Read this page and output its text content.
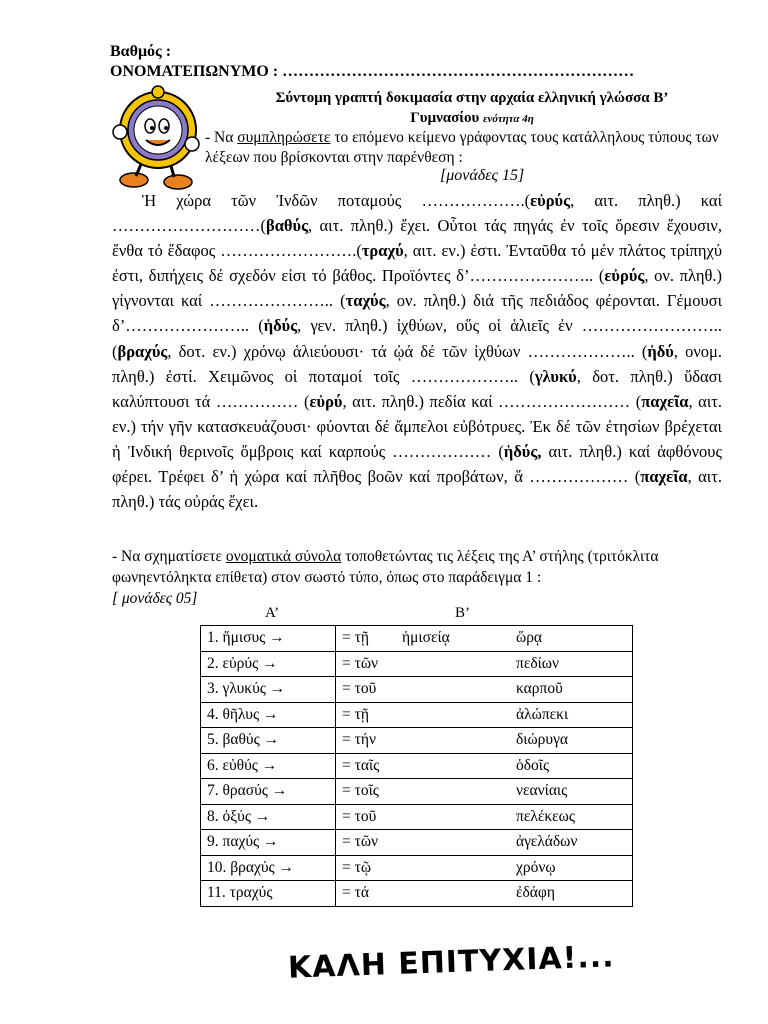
Βαθμός :
ΟΝΟΜΑΤΕΠΩΝΥΜΟ : …………………………………………………………
Σύντομη γραπτή δοκιμασία στην αρχαία ελληνική γλώσσα Β’
Γυμνασίου ενότητα 4η
- Να συμπληρώσετε το επόμενο κείμενο γράφοντας τους κατάλληλους τύπους των λέξεων που βρίσκονται στην παρένθεση :
[μονάδες 15]
Ἡ χώρα τῶν Ἰνδῶν ποταμούς ……………….(εὐρύς, αιτ. πληθ.) καί ………………………(βαθύς, αιτ. πληθ.) ἔχει. Οὗτοι τάς πηγάς ἐν τοῖς ὄρεσιν ἔχουσιν, ἔνθα τό ἔδαφος …………………….(τραχύ, αιτ. εν.) ἐστι. Ἐνταῦθα τό μέν πλάτος τρίπηχύ ἐστι, διπήχεις δέ σχεδόν εἰσι τό βάθος. Προϊόντες δ’………………….. (εὐρύς, ον. πληθ.) γίγνονται καί ………………….. (ταχύς, ον. πληθ.) διά τῆς πεδιάδος φέρονται. Γέμουσι δ’………………….. (ἡδύς, γεν. πληθ.) ἰχθύων, οὕς οἱ ἁλιεῖς ἐν …………………….. (βραχύς, δοτ. εν.) χρόνῳ ἁλιεύουσι· τά ᾠά δέ τῶν ἰχθύων ……………….. (ἡδύ, ονομ. πληθ.) ἐστί. Χειμῶνος οἱ ποταμοί τοῖς ……………….. (γλυκύ, δοτ. πληθ.) ὕδασι καλύπτουσι τά …………… (εὐρύ, αιτ. πληθ.) πεδία καί …………………… (παχεῖα, αιτ. εν.) τήν γῆν κατασκευάζουσι· φύονται δέ ἄμπελοι εὐβότρυες. Ἐκ δέ τῶν ἐτησίων βρέχεται ἡ Ἰνδική θερινοῖς ὄμβροις καί καρπούς ……………… (ἡδύς, αιτ. πληθ.) καί ἀφθόνους φέρει. Τρέφει δ’ ἡ χώρα καί πλῆθος βοῶν καί προβάτων, ἅ ……………… (παχεῖα, αιτ. πληθ.) τάς οὐράς ἔχει.
- Να σχηματίσετε ονοματικά σύνολα τοποθετώντας τις λέξεις της Α’ στήλης (τριτόκλιτα φωνηεντόληκτα επίθετα) στον σωστό τύπο, όπως στο παράδειγμα 1 :
[ μονάδες 05]
Α’	Β’
1. ἥμισυς →	= τῇ ἡμισείᾳ ὥρᾳ

2. εὐρύς →	= τῶν πεδίων

3. γλυκύς →	= τοῦ καρποῦ

4. θῆλυς →	= τῇ ἀλώπεκι

5. βαθύς →	= τήν διώρυγα

6. εὐθύς →	= ταῖς ὁδοῖς

7. θρασύς →	= τοῖς νεανίαις

8. ὀξύς →	= τοῦ πελέκεως

9. παχύς →	= τῶν ἀγελάδων

10. βραχύς →	= τῷ χρόνῳ

11. τραχύς	= τά ἐδάφη
ΚΑΛΗ ΕΠΙΤΥΧΙΑ!...
